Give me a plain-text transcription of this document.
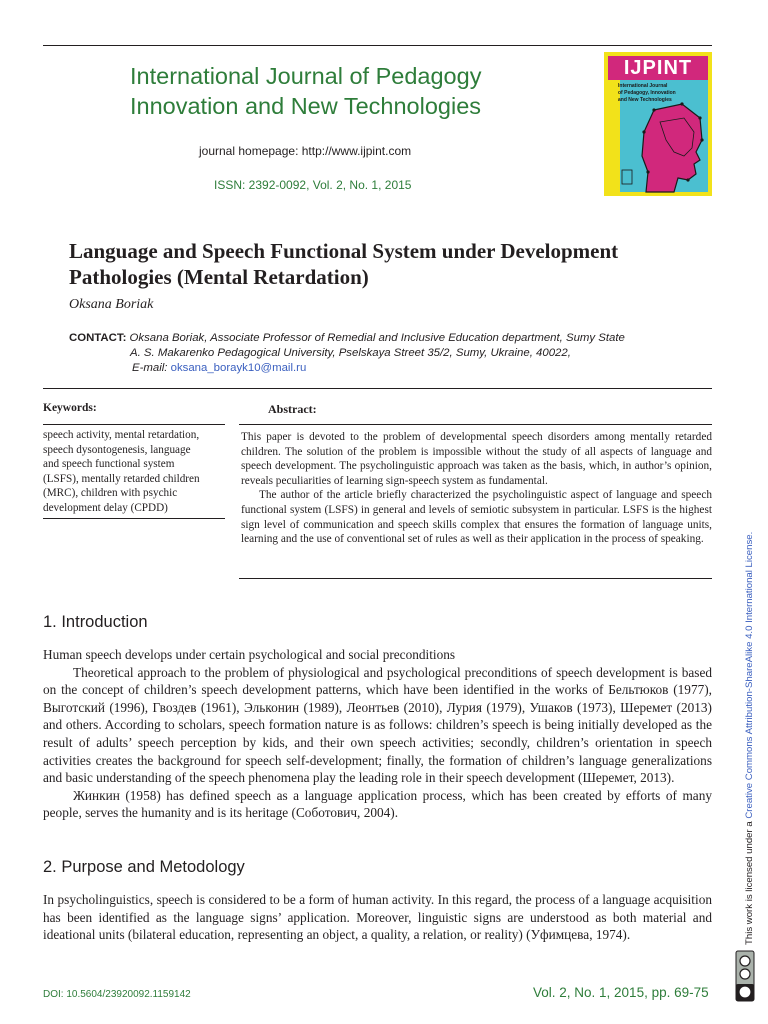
International Journal of Pedagogy
Innovation and New Technologies
journal homepage: http://www.ijpint.com
ISSN: 2392-0092, Vol. 2, No. 1, 2015
IJPINT
International Journal
of Pedagogy, Innovation
and New Technologies
Language and Speech Functional System under Development
Pathologies (Mental Retardation)
Oksana Boriak
CONTACT: Oksana Boriak, Associate Professor of Remedial and Inclusive Education department, Sumy State
A. S. Makarenko Pedagogical University, Pselskaya Street 35/2, Sumy, Ukraine, 40022,
E-mail: oksana_borayk10@mail.ru
Keywords:
speech activity, mental retardation,
speech dysontogenesis, language
and speech functional system
(LSFS), mentally retarded children
(MRC), children with psychic
development delay (CPDD)
Abstract:

This paper is devoted to the problem of developmental speech disorders among mentally retarded children. The solution of the problem is impossible without the study of all aspects of language and speech development. The psycholinguistic approach was taken as the basis, which, in author’s opinion, reveals peculiarities of learning sign-speech system as fundamental.

The author of the article briefly characterized the psycholinguistic aspect of language and speech functional system (LSFS) in general and levels of semiotic subsystem in particular. LSFS is the highest sign level of communication and speech skills complex that ensures the formation of language units, learning and the use of conventional set of rules as well as their application in the process of speaking.

1. Introduction

Human speech develops under certain psychological and social preconditions

Theoretical approach to the problem of physiological and psychological preconditions of speech development is based on the concept of children’s speech development patterns, which have been identified in the works of Бельтюков (1977), Выготский (1996), Гвоздев (1961), Эльконин (1989), Леонтьев (2010), Лурия (1979), Ушаков (1973), Шеремет (2013) and others. According to scholars, speech formation nature is as follows: children’s speech is being initially developed as the result of adults’ speech perception by kids, and their own speech activities; secondly, children’s orientation in speech activities creates the background for speech self-development; finally, the formation of children’s language generalizations and basic understanding of the speech phenomena play the leading role in their speech development (Шеремет, 2013).

Жинкин (1958) has defined speech as a language application process, which has been created by efforts of many people, serves the humanity and is its heritage (Соботович, 2004).

2. Purpose and Metodology

In psycholinguistics, speech is considered to be a form of human activity. In this regard, the process of a language acquisition has been identified as the language signs’ application. Moreover, linguistic signs are understood as both material and ideational units (bilateral education, representing an object, a quality, a relation, or reality) (Уфимцева, 1974).

DOI: 10.5604/23920092.1159142	Vol. 2, No. 1, 2015, pp. 69-75
This work is licensed under a Creative Commons Attribution-ShareAlike 4.0 International License.
